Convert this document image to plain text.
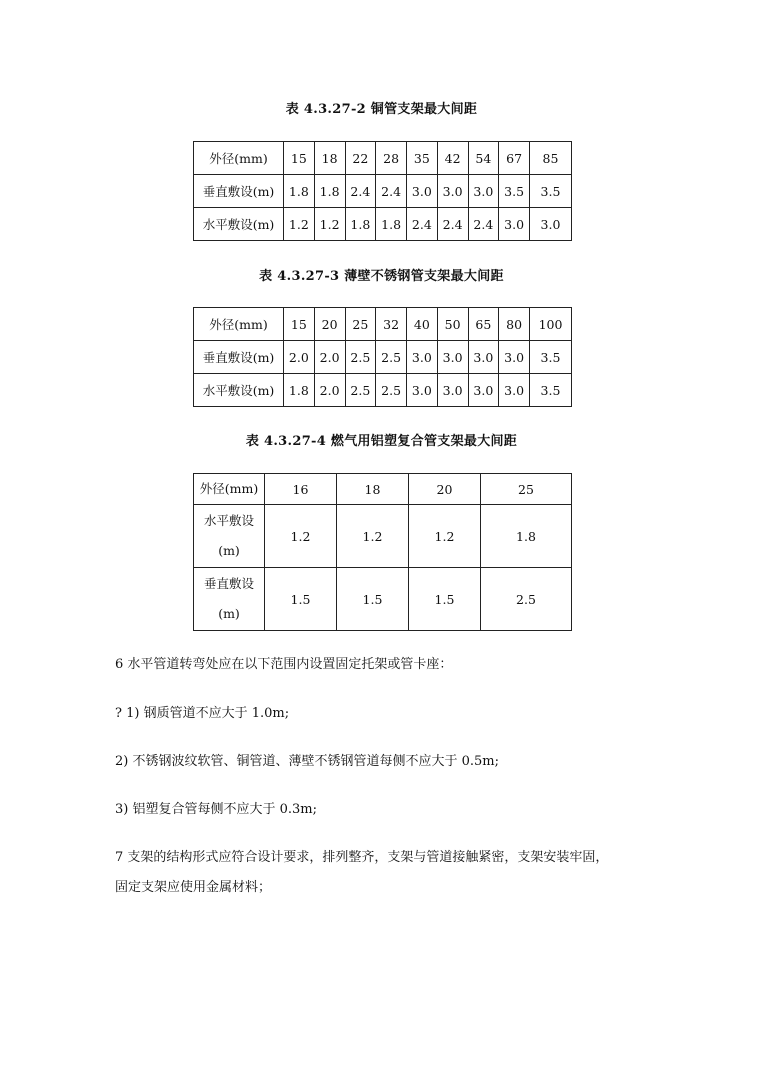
表 4.3.27-2 铜管支架最大间距
外径(mm)	15	18	22	28	35	42	54	67	85
垂直敷设(m)	1.8	1.8	2.4	2.4	3.0	3.0	3.0	3.5	3.5
水平敷设(m)	1.2	1.2	1.8	1.8	2.4	2.4	2.4	3.0	3.0
表 4.3.27-3 薄壁不锈钢管支架最大间距
外径(mm)	15	20	25	32	40	50	65	80	100
垂直敷设(m)	2.0	2.0	2.5	2.5	3.0	3.0	3.0	3.0	3.5
水平敷设(m)	1.8	2.0	2.5	2.5	3.0	3.0	3.0	3.0	3.5
表 4.3.27-4 燃气用铝塑复合管支架最大间距
外径(mm)	16	18	20	25

水平敷设
(m)	1.2	1.2	1.2	1.8

垂直敷设
(m)	1.5	1.5	1.5	2.5
6 水平管道转弯处应在以下范围内设置固定托架或管卡座：
? 1) 钢质管道不应大于 1.0m;
2) 不锈钢波纹软管、铜管道、薄壁不锈钢管道每侧不应大于 0.5m;
3) 铝塑复合管每侧不应大于 0.3m;
7 支架的结构形式应符合设计要求，排列整齐，支架与管道接触紧密，支架安装牢固，
固定支架应使用金属材料；
